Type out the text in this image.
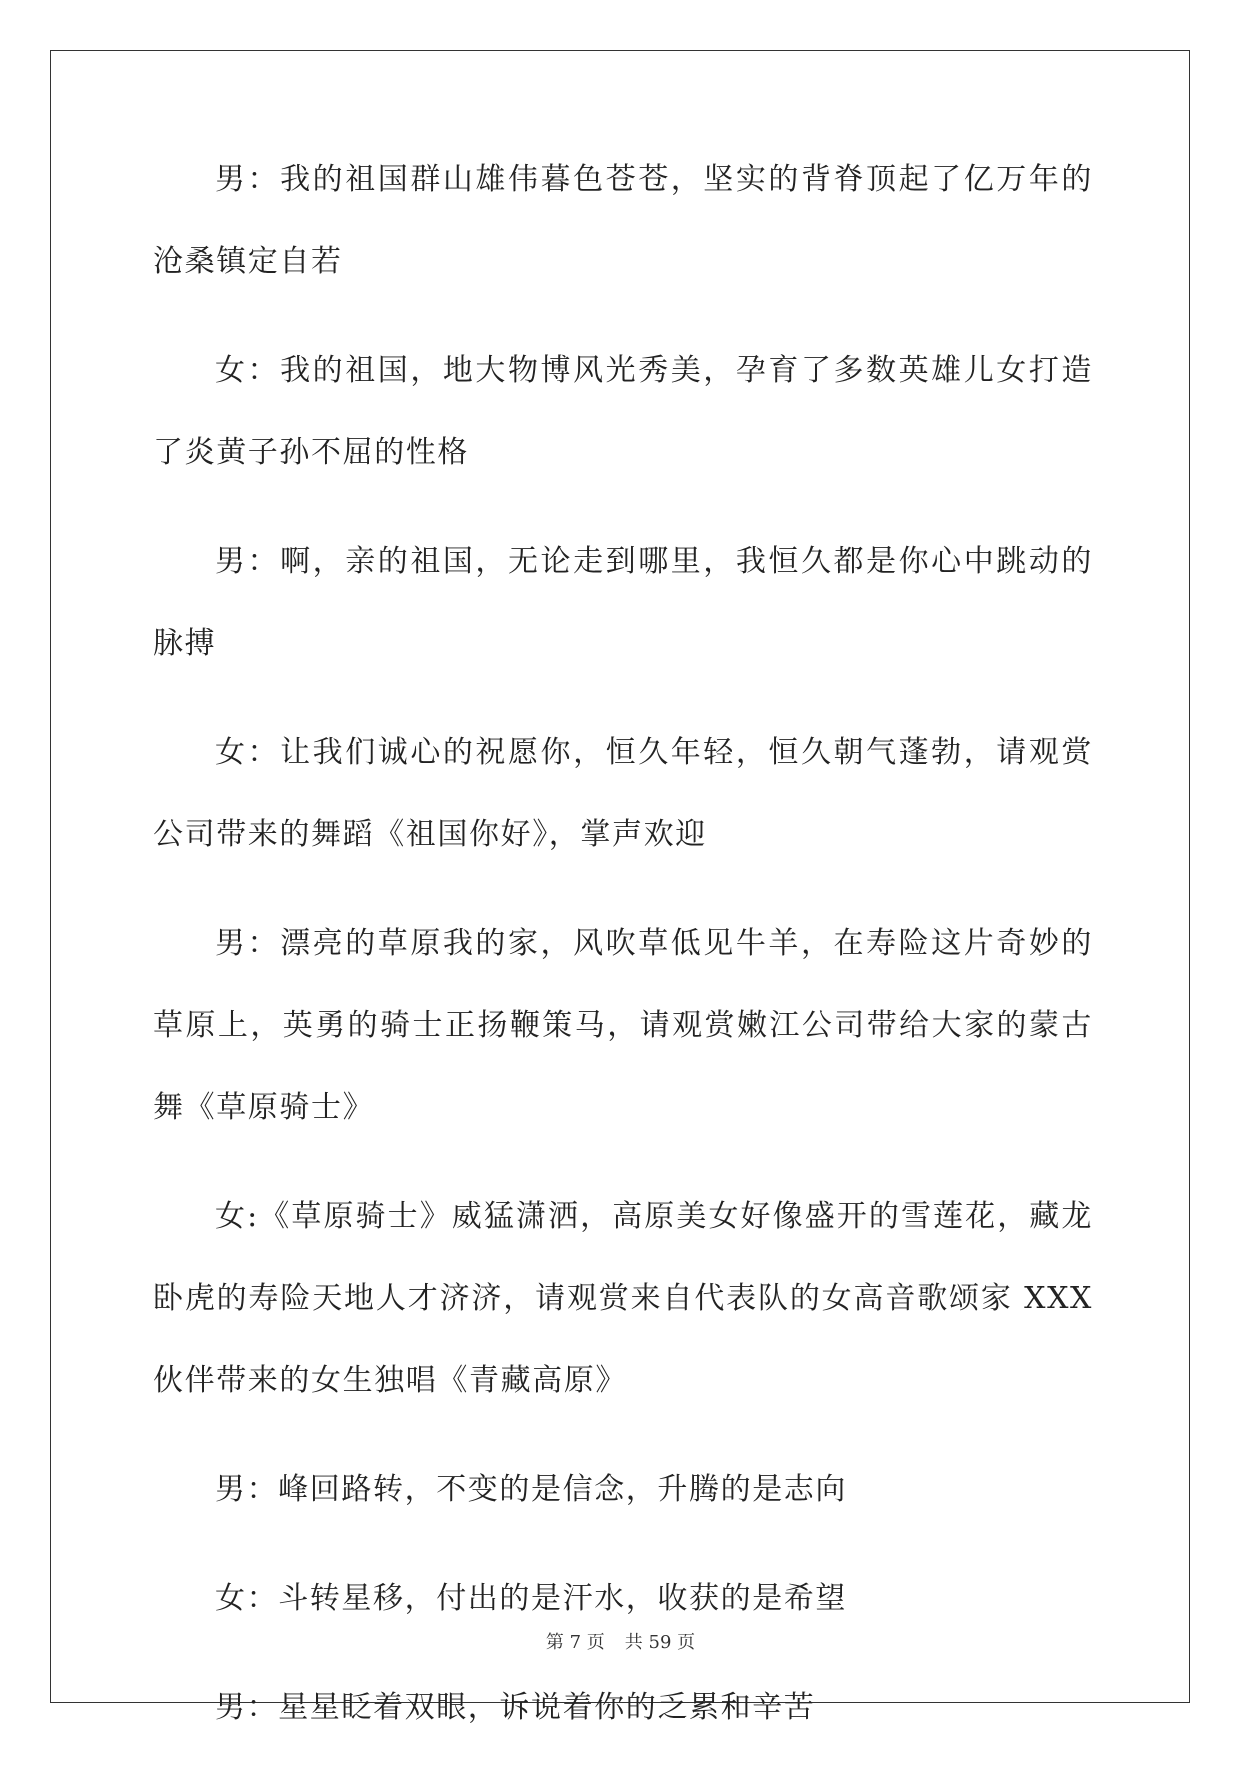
男：我的祖国群山雄伟暮色苍苍，坚实的背脊顶起了亿万年的沧桑镇定自若

女：我的祖国，地大物博风光秀美，孕育了多数英雄儿女打造了炎黄子孙不屈的性格

男：啊，亲的祖国，无论走到哪里，我恒久都是你心中跳动的脉搏

女：让我们诚心的祝愿你，恒久年轻，恒久朝气蓬勃，请观赏公司带来的舞蹈《祖国你好》，掌声欢迎

男：漂亮的草原我的家，风吹草低见牛羊，在寿险这片奇妙的草原上，英勇的骑士正扬鞭策马，请观赏嫩江公司带给大家的蒙古舞《草原骑士》

女:《草原骑士》威猛潇洒，高原美女好像盛开的雪莲花，藏龙卧虎的寿险天地人才济济，请观赏来自代表队的女高音歌颂家 XXX 伙伴带来的女生独唱《青藏高原》

男：峰回路转，不变的是信念，升腾的是志向

女：斗转星移，付出的是汗水，收获的是希望

男：星星眨着双眼，诉说着你的乏累和辛苦

第 7 页 共 59 页
